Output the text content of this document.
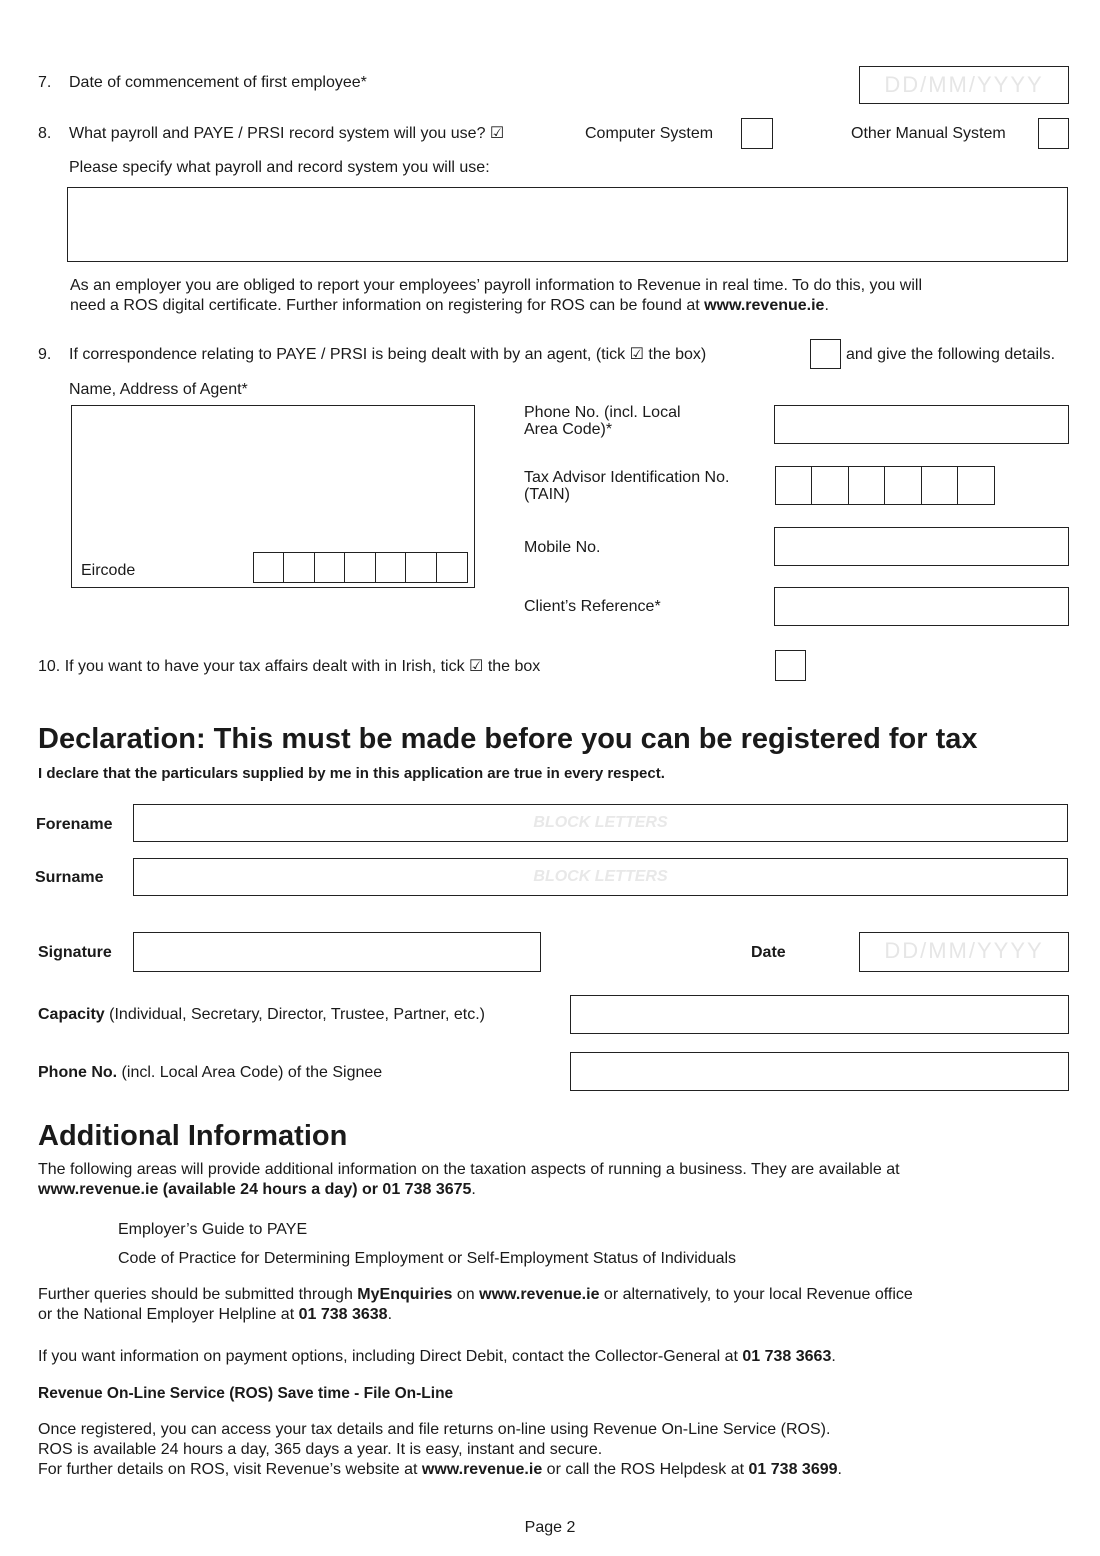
7. Date of commencement of first employee*	DD/MM/YYYY
8. What payroll and PAYE / PRSI record system will you use? ☑	Computer System	Other Manual System
Please specify what payroll and record system you will use:
As an employer you are obliged to report your employees’ payroll information to Revenue in real time. To do this, you will
need a ROS digital certificate. Further information on registering for ROS can be found at www.revenue.ie.
9. If correspondence relating to PAYE / PRSI is being dealt with by an agent, (tick ☑ the box)	and give the following details.
Name, Address of Agent*
Eircode
Phone No. (incl. Local
Area Code)*
Tax Advisor Identification No.
(TAIN)
Mobile No.
Client’s Reference*
10. If you want to have your tax affairs dealt with in Irish, tick ☑ the box
Declaration: This must be made before you can be registered for tax
I declare that the particulars supplied by me in this application are true in every respect.
Forename	BLOCK LETTERS
Surname	BLOCK LETTERS
Signature	Date	DD/MM/YYYY
Capacity (Individual, Secretary, Director, Trustee, Partner, etc.)
Phone No. (incl. Local Area Code) of the Signee
Additional Information
The following areas will provide additional information on the taxation aspects of running a business. They are available at
www.revenue.ie (available 24 hours a day) or 01 738 3675.
Employer’s Guide to PAYE
Code of Practice for Determining Employment or Self-Employment Status of Individuals
Further queries should be submitted through MyEnquiries on www.revenue.ie or alternatively, to your local Revenue office
or the National Employer Helpline at 01 738 3638.
If you want information on payment options, including Direct Debit, contact the Collector-General at 01 738 3663.
Revenue On-Line Service (ROS) Save time - File On-Line
Once registered, you can access your tax details and file returns on-line using Revenue On-Line Service (ROS).
ROS is available 24 hours a day, 365 days a year. It is easy, instant and secure.
For further details on ROS, visit Revenue’s website at www.revenue.ie or call the ROS Helpdesk at 01 738 3699.
Page 2
